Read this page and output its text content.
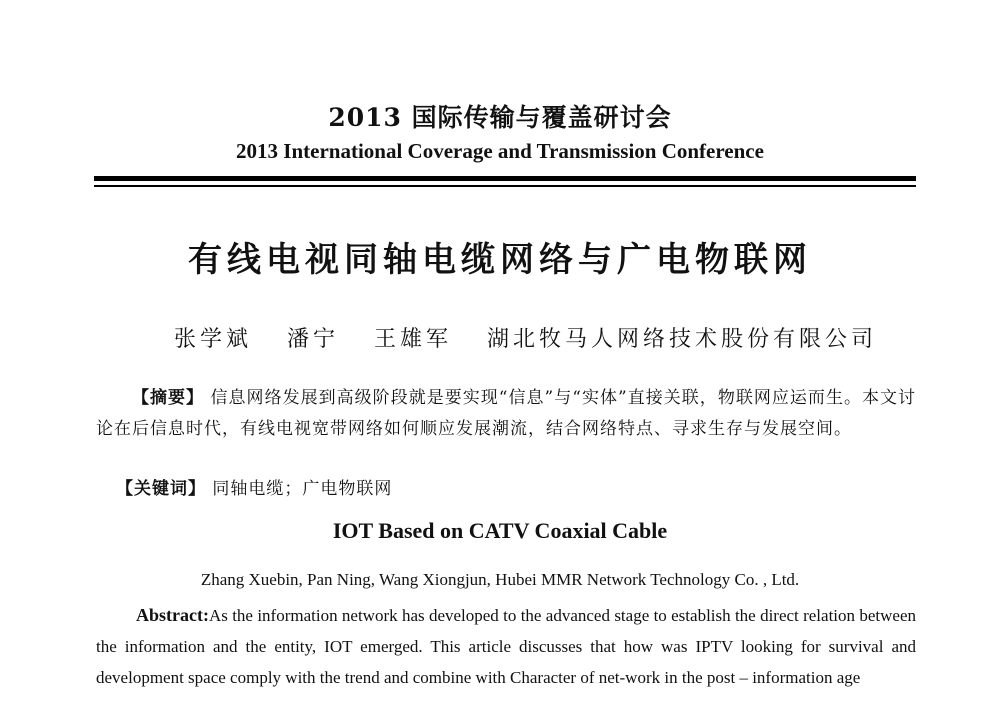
2013 国际传输与覆盖研讨会
2013 International Coverage and Transmission Conference
有线电视同轴电缆网络与广电物联网
张学斌 潘宁 王雄军 湖北牧马人网络技术股份有限公司
【摘要】 信息网络发展到高级阶段就是要实现“信息”与“实体”直接关联，物联网应运而生。本文讨论在后信息时代，有线电视宽带网络如何顺应发展潮流，结合网络特点、寻求生存与发展空间。
【关键词】 同轴电缆；广电物联网
IOT Based on CATV Coaxial Cable
Zhang Xuebin, Pan Ning, Wang Xiongjun, Hubei MMR Network Technology Co. , Ltd.
Abstract:As the information network has developed to the advanced stage to establish the direct relation between the information and the entity, IOT emerged. This article discusses that how was IPTV looking for survival and development space comply with the trend and combine with Character of net-work in the post – information age
